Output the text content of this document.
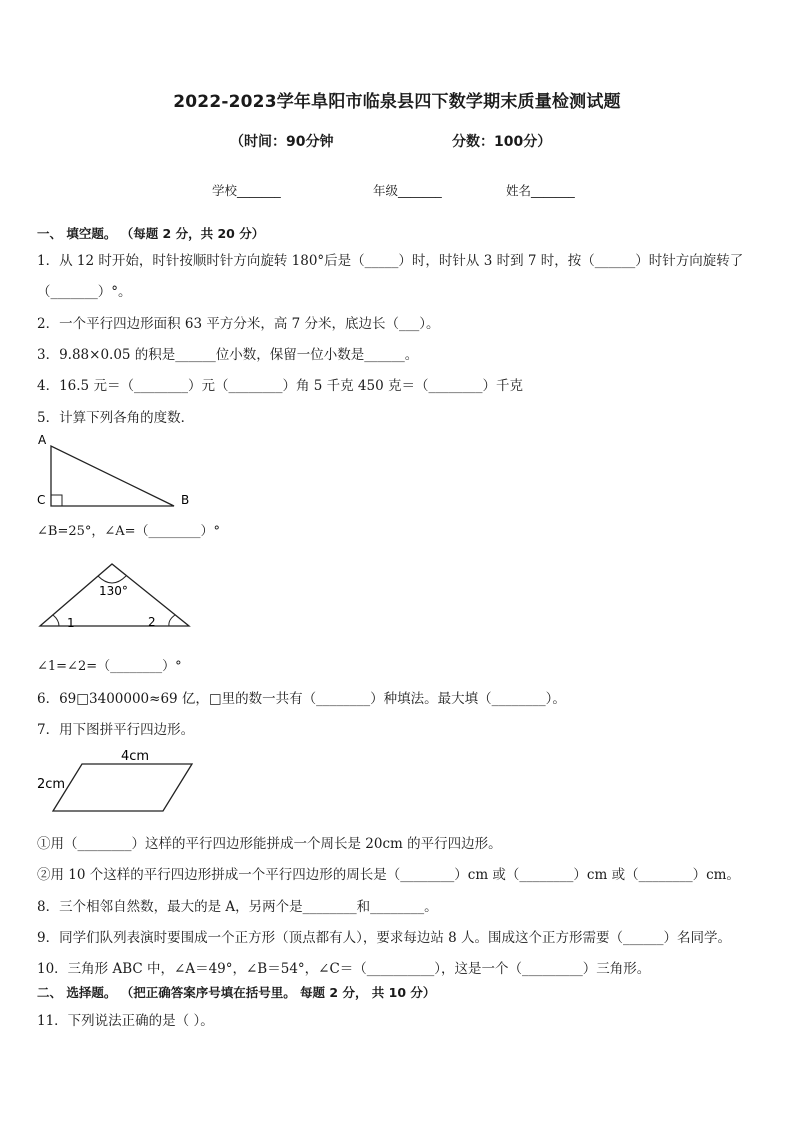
2022-2023学年阜阳市临泉县四下数学期末质量检测试题
（时间：90分钟	分数：100分）
学校_______	年级_______	姓名_______
一、 填空题。 （每题 2 分，共 20 分）
1．从 12 时开始，时针按顺时针方向旋转 180°后是（_____）时，时针从 3 时到 7 时，按（______）时针方向旋转了
（_______）°。
2．一个平行四边形面积 63 平方分米，高 7 分米，底边长（___）。
3．9.88×0.05 的积是______位小数，保留一位小数是______。
4．16.5 元＝（________）元（________）角 5 千克 450 克＝（________）千克
5．计算下列各角的度数．
A
C	B
∠B=25°，∠A=（________）°
130°
1	2
∠1=∠2=（________）°
6．69□3400000≈69 亿，□里的数一共有（________）种填法。最大填（________）。
7．用下图拼平行四边形。
4cm
2cm
①用（________）这样的平行四边形能拼成一个周长是 20cm 的平行四边形。
②用 10 个这样的平行四边形拼成一个平行四边形的周长是（________）cm 或（________）cm 或（________）cm。
8．三个相邻自然数，最大的是 A，另两个是________和________。
9．同学们队列表演时要围成一个正方形（顶点都有人），要求每边站 8 人。围成这个正方形需要（______）名同学。
10．三角形 ABC 中，∠A＝49°，∠B＝54°，∠C＝（__________），这是一个（_________）三角形。
二、 选择题。 （把正确答案序号填在括号里。 每题 2 分， 共 10 分）
11．下列说法正确的是（ ）。
